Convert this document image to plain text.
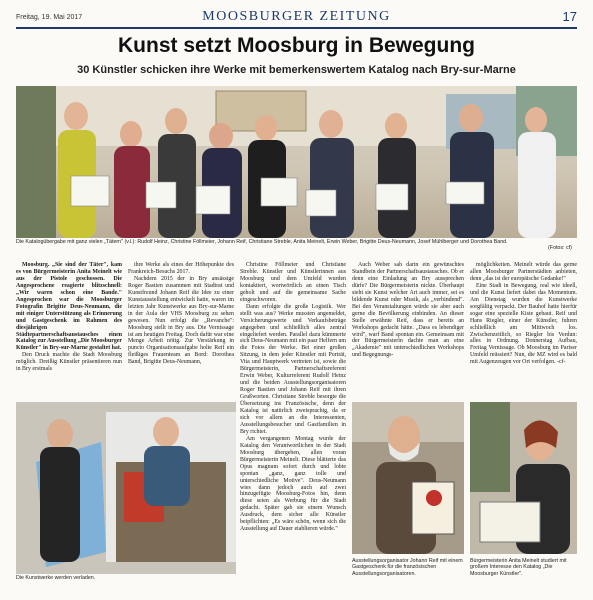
Freitag, 19. Mai 2017	MOOSBURGER ZEITUNG	17
Kunst setzt Moosburg in Bewegung
30 Künstler schicken ihre Werke mit bemerkenswertem Katalog nach Bry-sur-Marne
Die Katalogübergabe mit ganz vielen „Tätern" (v.l.): Rudolf Heinz, Christine Föllmeier, Johann Reif, Christiane Streble, Anita Meinelt, Erwin Weber, Brigitte Deus-Neumann, Josef Mühlberger und Dorothea Band.
(Fotos: cf)

Moosburg. „Sie sind der Täter", kam es von Bürgermeisterin Anita Meinelt wie aus der Pistole geschossen. Die Angesprochene reagierte blitzschnell: „Wir waren schon eine Bande." Angesprochen war die Moosburger Fotografin Brigitte Deus-Neumann, die mit einiger Unterstützung als Erinnerung und Gastgeschenk im Rahmen des diesjährigen Städtepartnerschaftsaustausches einen Katalog zur Ausstellung „Die Moosburger Künstler" in Bry-sur-Marne gestaltet hat.

Den Druck machte die Stadt Moosburg möglich. Dreißig Künstler präsentieren nun in Bry erstmals

ihre Werke als eines der Höhepunkte des Frankreich-Besuchs 2017.

Nachdem 2015 der in Bry ansässige Roger Bastien zusammen mit Stadtrat und Kunstfreund Johann Reif die Idee zu einer Kunstausstellung entwickelt hatte, waren im letzten Jahr Kunstwerke aus Bry-sur-Marne in der Aula der VHS Moosburg zu sehen gewesen. Nun erfolgt die „Revanche": Moosburg stellt in Bry aus. Die Vernissage ist am heutigen Freitag. Doch dafür war eine Menge Arbeit nötig. Zur Verstärkung in puncto Organisationsaufgabe holte Reif ein fleißiges Frauenteam an Bord: Dorothea Band, Brigitte Deus-Neumann,

Christine Föllmeier und Christiane Streble. Künstler und Künstlerinnen aus Moosburg und dem Umfeld wurden kontaktiert, wortwörtlich an einen Tisch geholt und auf die gemeinsame Sache eingeschworen.

Dann erfolgte die große Logistik. Wer stellt was aus? Werke mussten angemeldet, Versicherungswerte und Verkaufsbeträge angegeben und schließlich alles zentral eingeliefert werden. Parallel dazu kümmerte sich Deus-Neumann mit ein paar Helfern um die Fotos der Werke. Bei einer großen Sitzung, in dem jeder Künstler mit Porträt, Vita und Hauptwerk vertreten ist, sowie die Bürgermeisterin, Partnerschaftsreferent Erwin Weber, Kulturreferent Rudolf Heinz und die beiden Ausstellungsorganisatoren Roger Bastien und Johann Reif mit ihren Grußworten. Christiane Streble besorgte die Übersetzung ins Französische, denn der Katalog ist natürlich zweisprachig, da er sich vor allem an die Interessenten, Ausstellungsbesucher und Gastfamilien in Bry richtet.

Am vergangenen Montag wurde der Katalog den Verantwortlichen in der Stadt Moosburg übergeben, allen voran Bürgermeisterin Meinelt. Diese blätterte das Opus magnum sofort durch und lobte spontan „ganz, ganz tolle und unterschiedliche Motive". Deus-Neumann wies dann jedoch auch auf zwei hinzugefügte Moosburg-Fotos hin, denn diese seien als Werbung für die Stadt gedacht. Später gab sie einem Wunsch Ausdruck, dem sicher alle Künstler beipflichten: „Es wäre schön, wenn sich die Ausstellung auf Dauer etablieren würde."

Auch Weber sah darin ein gewünschtes Standbein der Partnerschaftsaustausches. Ob er denn eine Einladung an Bry aussprechen dürfe? Die Bürgermeisterin nickte. Überhaupt sieht sie Kunst welcher Art auch immer, sei es bildende Kunst oder Musik, als „verbindend". Bei den Veranstaltungen würde sie aber auch gerne die Bevölkerung einbinden. An dieser Stelle erwähnte Reif, dass er bereits an Workshops gedacht hätte. „Dass es lebendiger wird", warf Band spontan ein. Gemeinsam mit der Bürgermeisterin dachte man an eine „Akademie" mit unterschiedlichen Workshops und Begegnungs-

möglichkeiten. Meinelt würde das gerne allen Moosburger Partnerstädten anbieten, denn „das ist der europäische Gedanke!"

Eine Stadt in Bewegung, real wie ideell, und die Kunst liefert dabei das Momentum. Am Dienstag wurden die Kunstwerke sorgfältig verpackt. Der Bauhof hatte hierfür sogar eine spezielle Kiste gebaut. Reif und Hans Riegler, einer der Künstler, fuhren schließlich am Mittwoch los. Zwischenzeitlich, so Riegler bis Verdun: alles in Ordnung. Donnerstag Aufbau, Freitag Vernissage. Ob Moosburg im Pariser Umfeld reüssiert? Nun, die MZ wird es bald mit Augenzeugen vor Ort verfolgen. -cf-

Die Kunstwerke werden verladen.
Ausstellungsorganisator Johann Reif mit einem Gastgeschenk für die französischen Ausstellungsorganisatoren.
Bürgermeisterin Anita Meinelt studiert mit großem Interesse den Katalog „Die Moosburger Künstler".
